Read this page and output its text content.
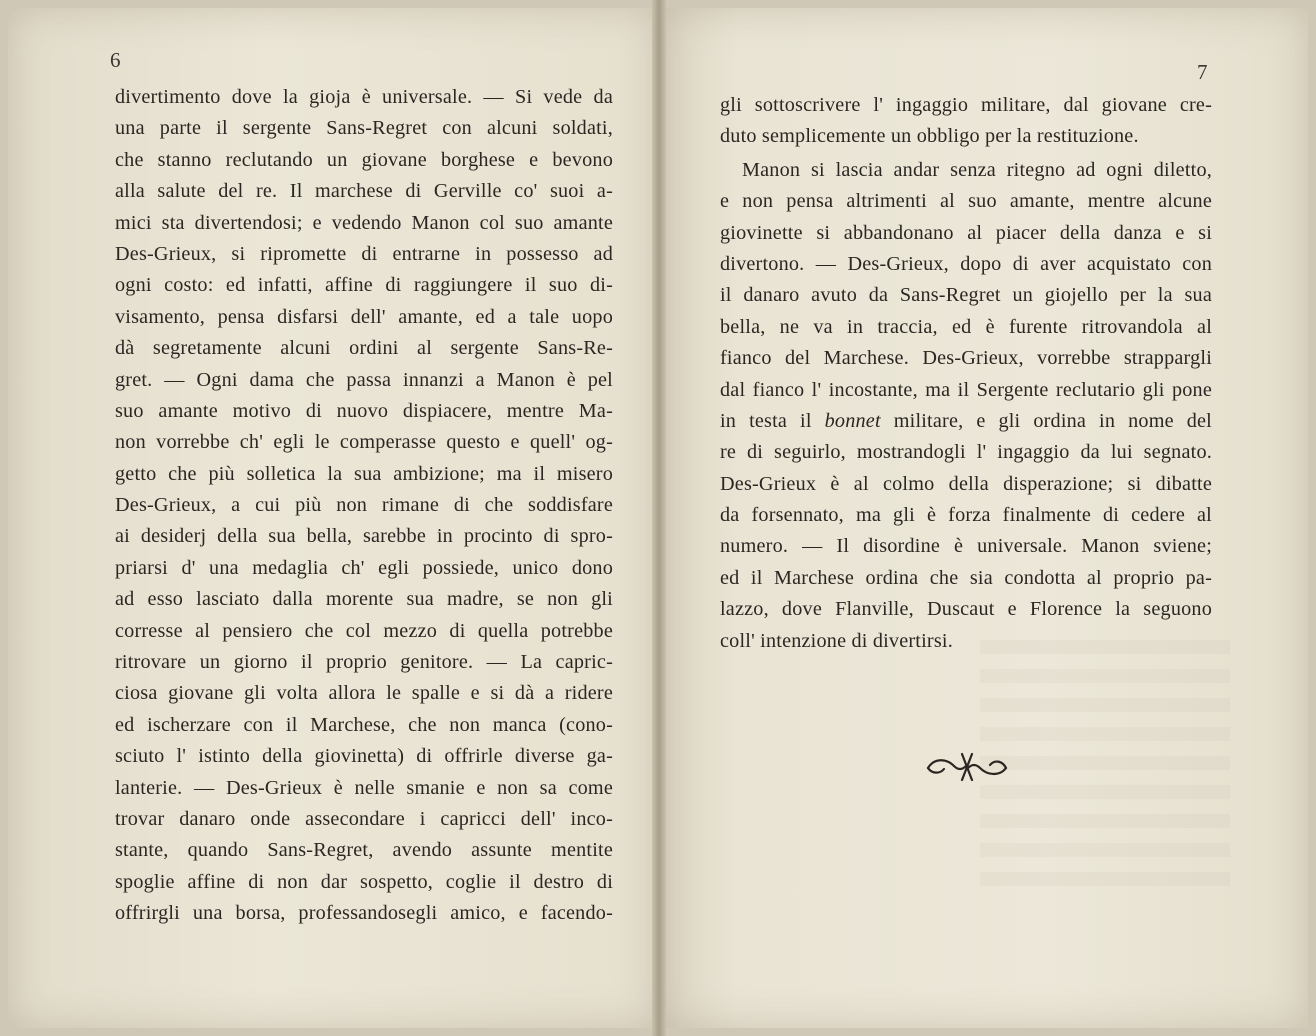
6	7
divertimento dove la gioja è universale. — Si vede da
una parte il sergente Sans-Regret con alcuni soldati,
che stanno reclutando un giovane borghese e bevono
alla salute del re. Il marchese di Gerville co' suoi a-
mici sta divertendosi; e vedendo Manon col suo amante
Des-Grieux, si ripromette di entrarne in possesso ad
ogni costo: ed infatti, affine di raggiungere il suo di-
visamento, pensa disfarsi dell' amante, ed a tale uopo
dà segretamente alcuni ordini al sergente Sans-Re-
gret. — Ogni dama che passa innanzi a Manon è pel
suo amante motivo di nuovo dispiacere, mentre Ma-
non vorrebbe ch' egli le comperasse questo e quell' og-
getto che più solletica la sua ambizione; ma il misero
Des-Grieux, a cui più non rimane di che soddisfare
ai desiderj della sua bella, sarebbe in procinto di spro-
priarsi d' una medaglia ch' egli possiede, unico dono
ad esso lasciato dalla morente sua madre, se non gli
corresse al pensiero che col mezzo di quella potrebbe
ritrovare un giorno il proprio genitore. — La capric-
ciosa giovane gli volta allora le spalle e si dà a ridere
ed ischerzare con il Marchese, che non manca (cono-
sciuto l' istinto della giovinetta) di offrirle diverse ga-
lanterie. — Des-Grieux è nelle smanie e non sa come
trovar danaro onde assecondare i capricci dell' inco-
stante, quando Sans-Regret, avendo assunte mentite
spoglie affine di non dar sospetto, coglie il destro di
offrirgli una borsa, professandosegli amico, e facendo-
gli sottoscrivere l' ingaggio militare, dal giovane cre-
duto semplicemente un obbligo per la restituzione.
Manon si lascia andar senza ritegno ad ogni diletto,
e non pensa altrimenti al suo amante, mentre alcune
giovinette si abbandonano al piacer della danza e si
divertono. — Des-Grieux, dopo di aver acquistato con
il danaro avuto da Sans-Regret un giojello per la sua
bella, ne va in traccia, ed è furente ritrovandola al
fianco del Marchese. Des-Grieux, vorrebbe strappargli
dal fianco l' incostante, ma il Sergente reclutario gli pone
in testa il bonnet militare, e gli ordina in nome del
re di seguirlo, mostrandogli l' ingaggio da lui segnato.
Des-Grieux è al colmo della disperazione; si dibatte
da forsennato, ma gli è forza finalmente di cedere al
numero. — Il disordine è universale. Manon sviene;
ed il Marchese ordina che sia condotta al proprio pa-
lazzo, dove Flanville, Duscaut e Florence la seguono
coll' intenzione di divertirsi.
